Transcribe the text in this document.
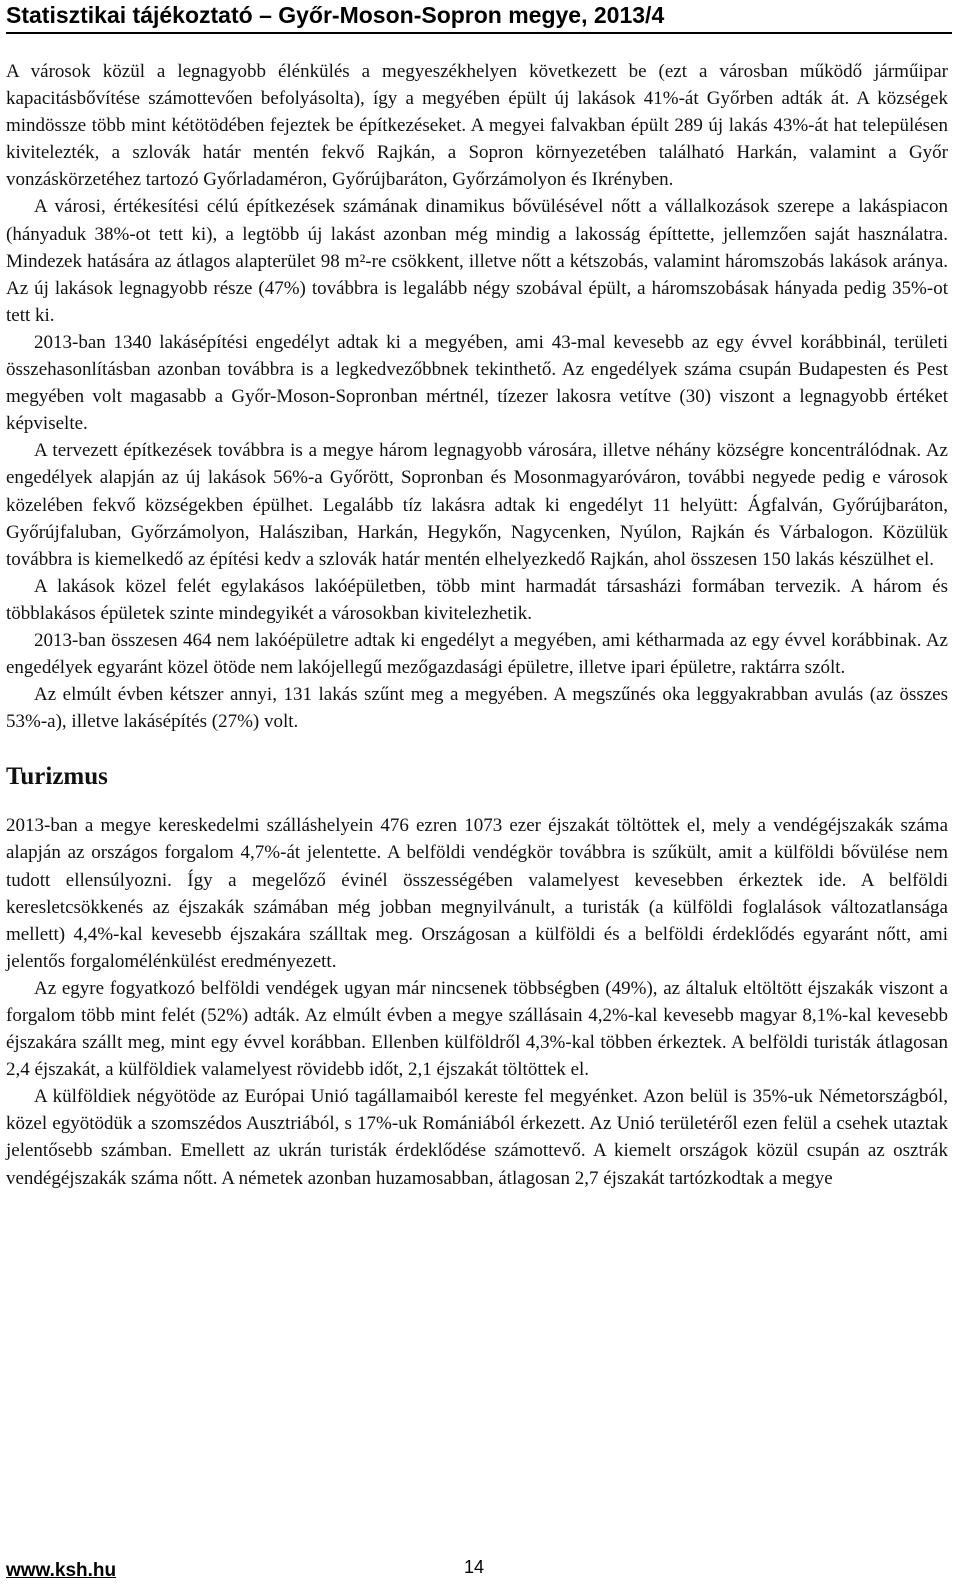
Statisztikai tájékoztató – Győr-Moson-Sopron megye, 2013/4

A városok közül a legnagyobb élénkülés a megyeszékhelyen következett be (ezt a városban működő járműipar kapacitásbővítése számottevően befolyásolta), így a megyében épült új lakások 41%-át Győrben adták át. A községek mindössze több mint kétötödében fejeztek be építkezéseket. A megyei falvakban épült 289 új lakás 43%-át hat településen kivitelezték, a szlovák határ mentén fekvő Rajkán, a Sopron környezetében található Harkán, valamint a Győr vonzáskörzetéhez tartozó Győrladaméron, Győrújbaráton, Győrzámolyon és Ikrényben.

A városi, értékesítési célú építkezések számának dinamikus bővülésével nőtt a vállalkozások szerepe a lakáspiacon (hányaduk 38%-ot tett ki), a legtöbb új lakást azonban még mindig a lakosság építtette, jellemzően saját használatra. Mindezek hatására az átlagos alapterület 98 m²-re csökkent, illetve nőtt a kétszobás, valamint háromszobás lakások aránya. Az új lakások legnagyobb része (47%) továbbra is legalább négy szobával épült, a háromszobásak hányada pedig 35%-ot tett ki.

2013-ban 1340 lakásépítési engedélyt adtak ki a megyében, ami 43-mal kevesebb az egy évvel korábbinál, területi összehasonlításban azonban továbbra is a legkedvezőbbnek tekinthető. Az engedélyek száma csupán Budapesten és Pest megyében volt magasabb a Győr-Moson-Sopronban mértnél, tízezer lakosra vetítve (30) viszont a legnagyobb értéket képviselte.

A tervezett építkezések továbbra is a megye három legnagyobb városára, illetve néhány községre koncentrálódnak. Az engedélyek alapján az új lakások 56%-a Győrött, Sopronban és Mosonmagyaróváron, további negyede pedig e városok közelében fekvő községekben épülhet. Legalább tíz lakásra adtak ki engedélyt 11 helyütt: Ágfalván, Győrújbaráton, Győrújfaluban, Győrzámolyon, Halásziban, Harkán, Hegykőn, Nagycenken, Nyúlon, Rajkán és Várbalogon. Közülük továbbra is kiemelkedő az építési kedv a szlovák határ mentén elhelyezkedő Rajkán, ahol összesen 150 lakás készülhet el.

A lakások közel felét egylakásos lakóépületben, több mint harmadát társasházi formában tervezik. A három és többlakásos épületek szinte mindegyikét a városokban kivitelezhetik.

2013-ban összesen 464 nem lakóépületre adtak ki engedélyt a megyében, ami kétharmada az egy évvel korábbinak. Az engedélyek egyaránt közel ötöde nem lakójellegű mezőgazdasági épületre, illetve ipari épületre, raktárra szólt.

Az elmúlt évben kétszer annyi, 131 lakás szűnt meg a megyében. A megszűnés oka leggyakrabban avulás (az összes 53%-a), illetve lakásépítés (27%) volt.

Turizmus

2013-ban a megye kereskedelmi szálláshelyein 476 ezren 1073 ezer éjszakát töltöttek el, mely a vendégéjszakák száma alapján az országos forgalom 4,7%-át jelentette. A belföldi vendégkör továbbra is szűkült, amit a külföldi bővülése nem tudott ellensúlyozni. Így a megelőző évinél összességében valamelyest kevesebben érkeztek ide. A belföldi keresletcsökkenés az éjszakák számában még jobban megnyilvánult, a turisták (a külföldi foglalások változatlansága mellett) 4,4%-kal kevesebb éjszakára szálltak meg. Országosan a külföldi és a belföldi érdeklődés egyaránt nőtt, ami jelentős forgalomélénkülést eredményezett.

Az egyre fogyatkozó belföldi vendégek ugyan már nincsenek többségben (49%), az általuk eltöltött éjszakák viszont a forgalom több mint felét (52%) adták. Az elmúlt évben a megye szállásain 4,2%-kal kevesebb magyar 8,1%-kal kevesebb éjszakára szállt meg, mint egy évvel korábban. Ellenben külföldről 4,3%-kal többen érkeztek. A belföldi turisták átlagosan 2,4 éjszakát, a külföldiek valamelyest rövidebb időt, 2,1 éjszakát töltöttek el.

A külföldiek négyötöde az Európai Unió tagállamaiból kereste fel megyénket. Azon belül is 35%-uk Németországból, közel egyötödük a szomszédos Ausztriából, s 17%-uk Romániából érkezett. Az Unió területéről ezen felül a csehek utaztak jelentősebb számban. Emellett az ukrán turisták érdeklődése számottevő. A kiemelt országok közül csupán az osztrák vendégéjszakák száma nőtt. A németek azonban huzamosabban, átlagosan 2,7 éjszakát tartózkodtak a megye

www.ksh.hu	14
